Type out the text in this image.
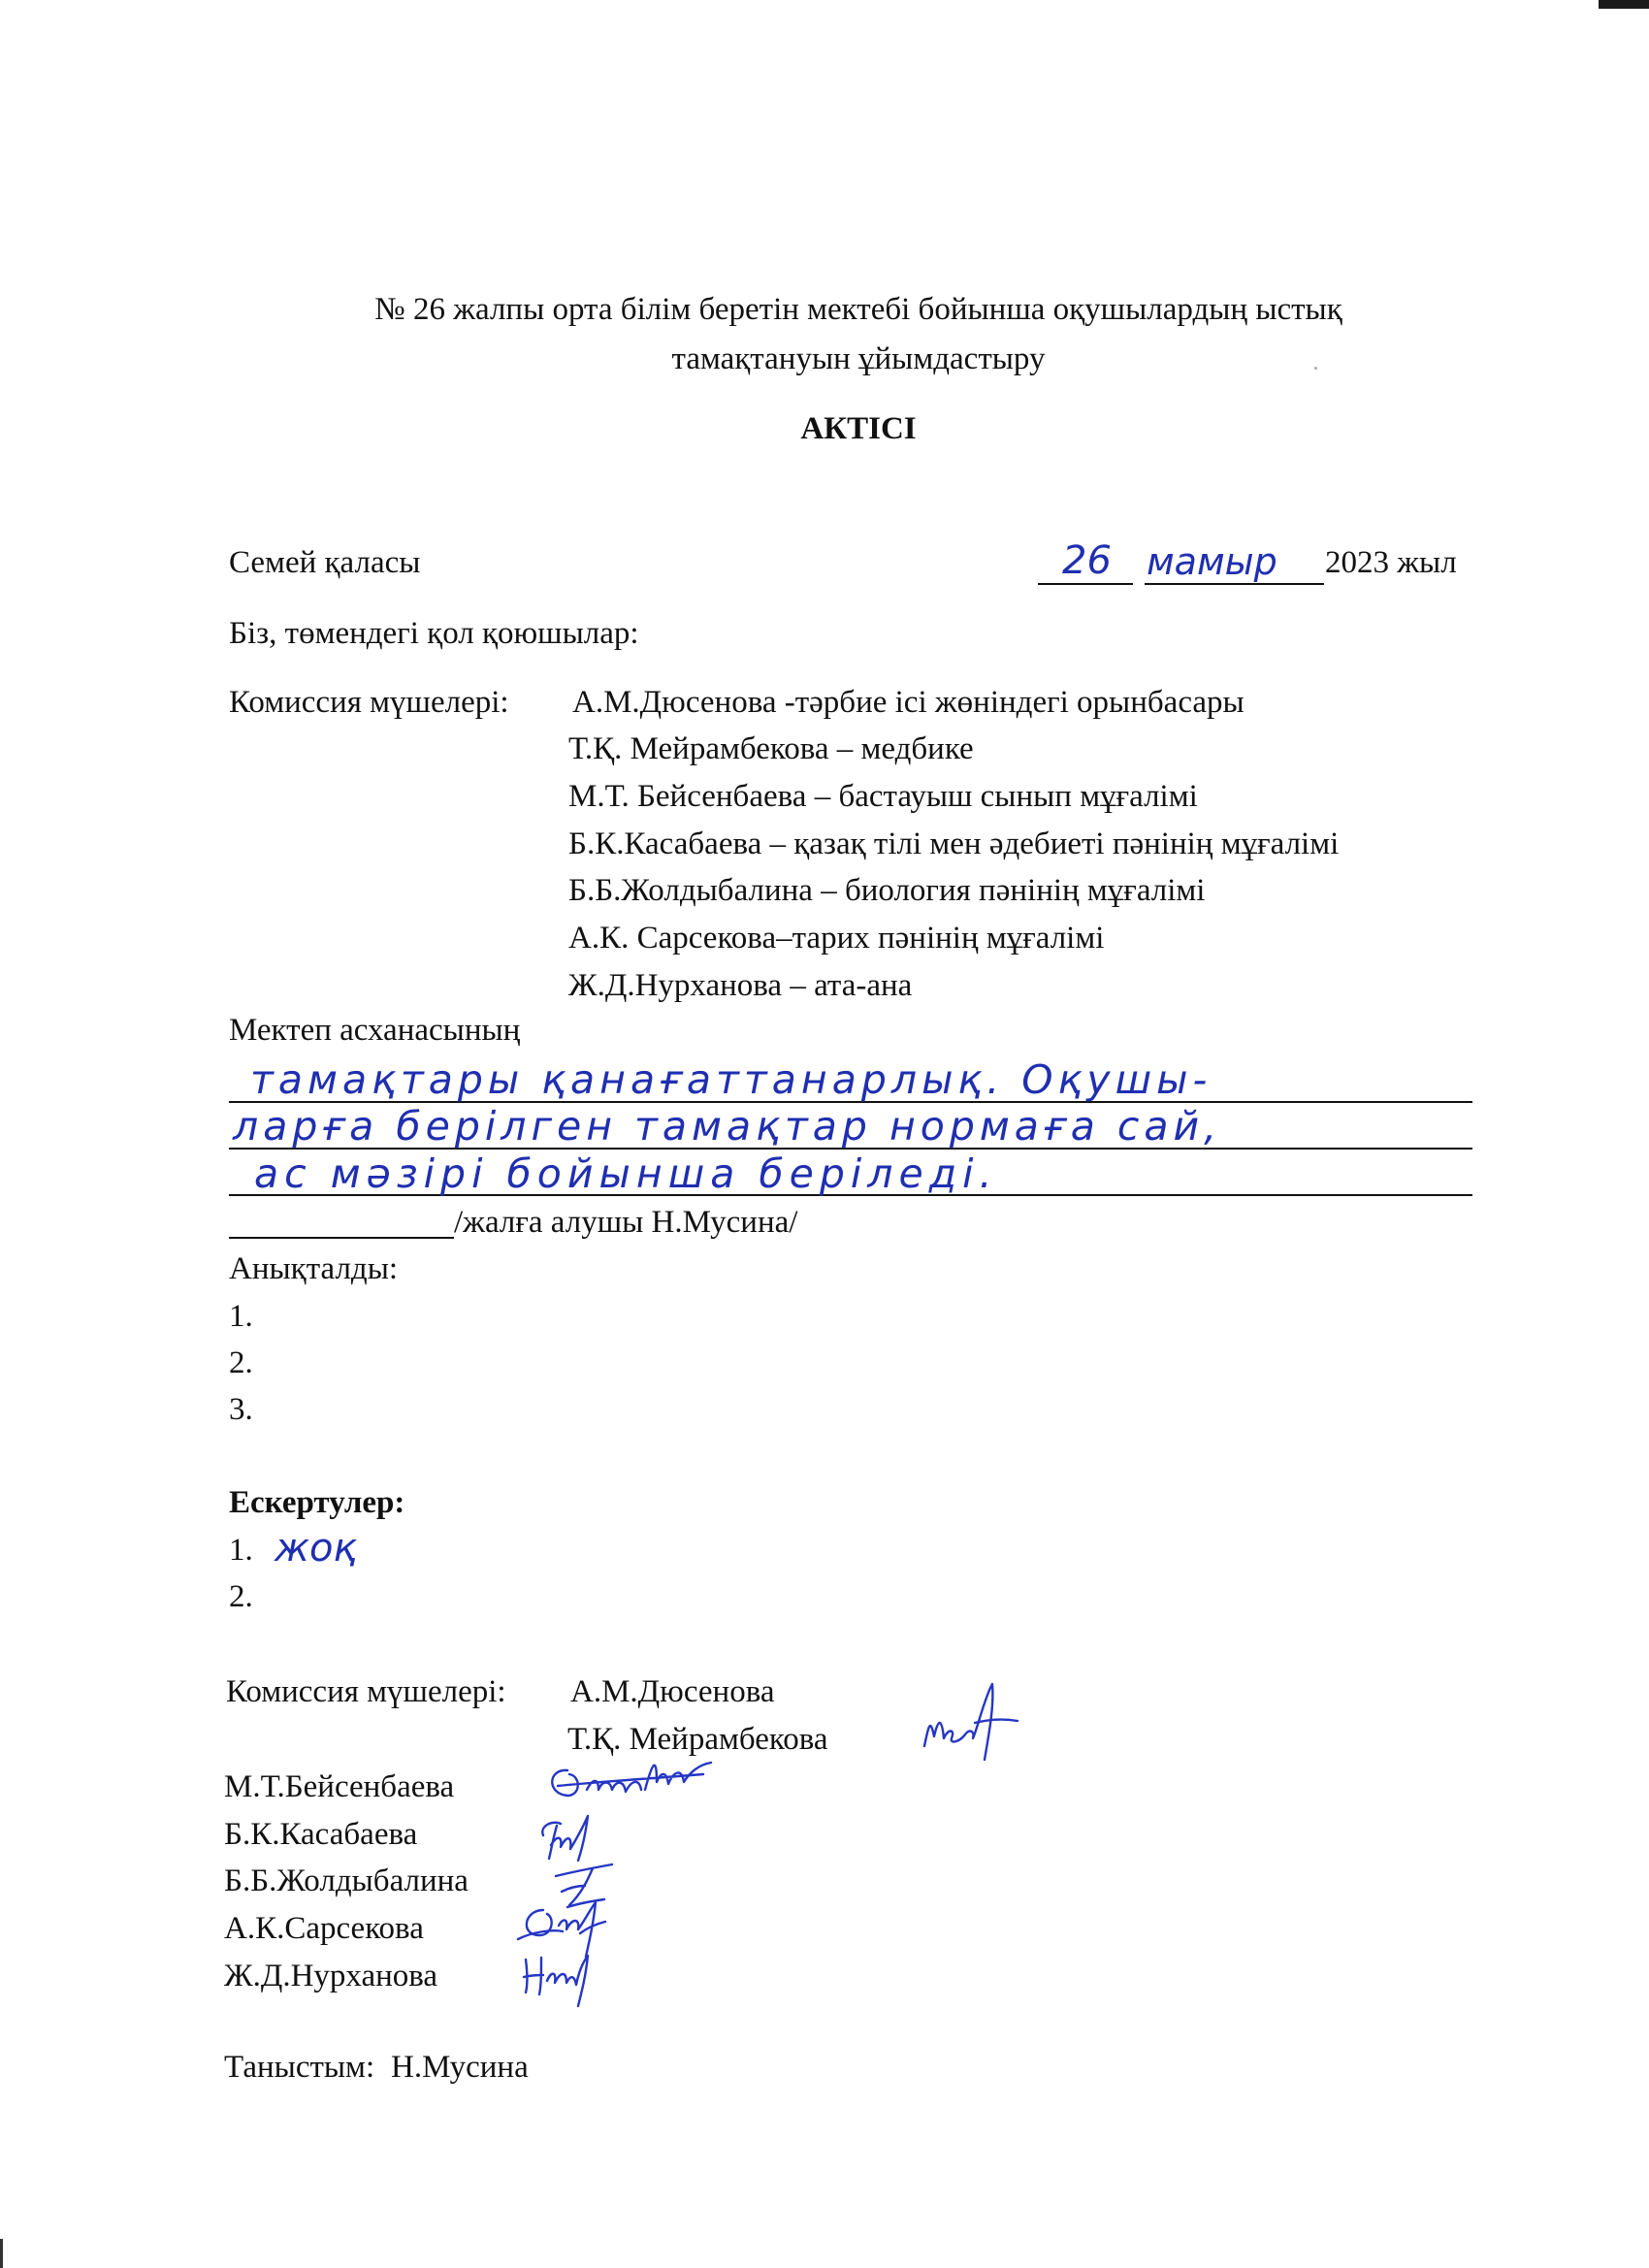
№ 26 жалпы орта білім беретін мектебі бойынша оқушылардың ыстық
тамақтануын ұйымдастыру
АКТІСІ
Семей қаласы	26 мамыр 2023 жыл
Біз, төмендегі қол қоюшылар:
Комиссия мүшелері: А.М.Дюсенова -тәрбие ісі жөніндегі орынбасары
Т.Қ. Мейрамбекова – медбике
М.Т. Бейсенбаева – бастауыш сынып мұғалімі
Б.К.Касабаева – қазақ тілі мен әдебиеті пәнінің мұғалімі
Б.Б.Жолдыбалина – биология пәнінің мұғалімі
А.К. Сарсекова–тарих пәнінің мұғалімі
Ж.Д.Нурханова – ата-ана
Мектеп асханасының
тамақтары қанағаттанарлық. Оқушы-
ларға берілген тамақтар нормаға сай,
ас мәзірі бойынша беріледі.
/жалға алушы Н.Мусина/
Анықталды:
1.
2.
3.
Ескертулер:
1. жоқ
2.
Комиссия мүшелері: А.М.Дюсенова
Т.Қ. Мейрамбекова
М.Т.Бейсенбаева
Б.К.Касабаева
Б.Б.Жолдыбалина
А.К.Сарсекова
Ж.Д.Нурханова
Таныстым: Н.Мусина
